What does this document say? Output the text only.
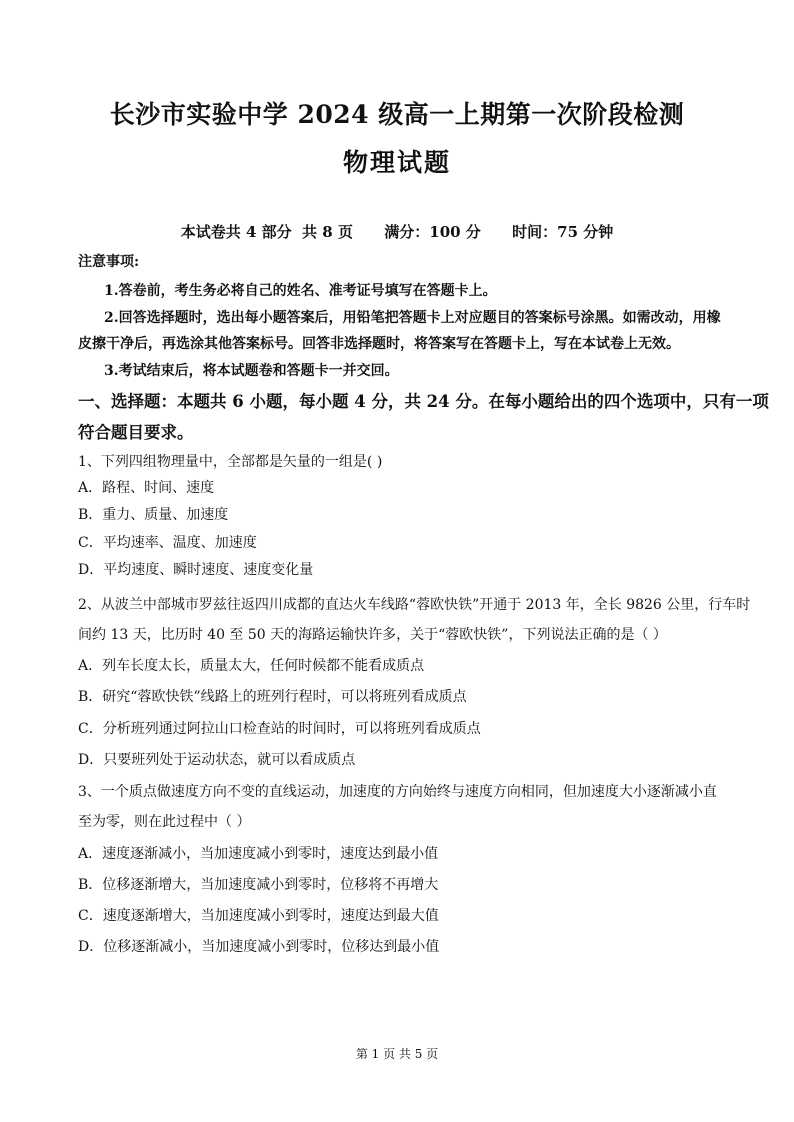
长沙市实验中学 2024 级高一上期第一次阶段检测
物理试题
本试卷共 4 部分  共 8 页      满分：100 分      时间：75 分钟
注意事项:
1.答卷前，考生务必将自己的姓名、准考证号填写在答题卡上。
2.回答选择题时，选出每小题答案后，用铅笔把答题卡上对应题目的答案标号涂黑。如需改动，用橡
皮擦干净后，再选涂其他答案标号。回答非选择题时，将答案写在答题卡上，写在本试卷上无效。
3.考试结束后，将本试题卷和答题卡一并交回。
一、选择题：本题共 6 小题，每小题 4 分，共 24 分。在每小题给出的四个选项中，只有一项
符合题目要求。
1、下列四组物理量中，全部都是矢量的一组是( )
A．路程、时间、速度
B．重力、质量、加速度
C．平均速率、温度、加速度
D．平均速度、瞬时速度、速度变化量
2、从波兰中部城市罗兹往返四川成都的直达火车线路“蓉欧快铁”开通于 2013 年，全长 9826 公里，行车时
间约 13 天，比历时 40 至 50 天的海路运输快许多，关于“蓉欧快铁”，下列说法正确的是（ ）
A．列车长度太长，质量太大，任何时候都不能看成质点
B．研究“蓉欧快铁”线路上的班列行程时，可以将班列看成质点
C．分析班列通过阿拉山口检查站的时间时，可以将班列看成质点
D．只要班列处于运动状态，就可以看成质点
3、一个质点做速度方向不变的直线运动，加速度的方向始终与速度方向相同，但加速度大小逐渐减小直
至为零，则在此过程中（ ）
A．速度逐渐减小，当加速度减小到零时，速度达到最小值
B．位移逐渐增大，当加速度减小到零时，位移将不再增大
C．速度逐渐增大，当加速度减小到零时，速度达到最大值
D．位移逐渐减小，当加速度减小到零时，位移达到最小值
第 1 页 共 5 页
